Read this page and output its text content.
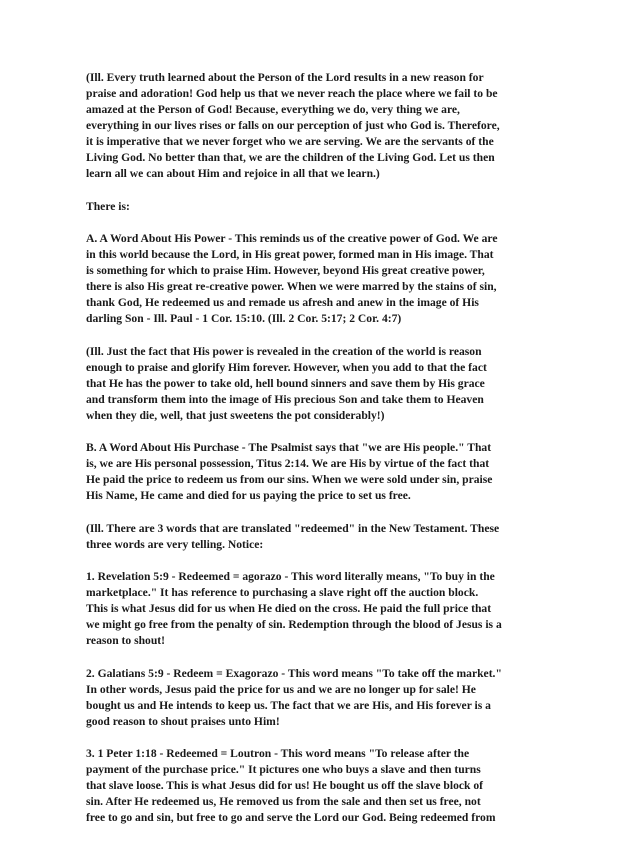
(Ill. Every truth learned about the Person of the Lord results in a new reason for
praise and adoration! God help us that we never reach the place where we fail to be
amazed at the Person of God! Because, everything we do, very thing we are,
everything in our lives rises or falls on our perception of just who God is. Therefore,
it is imperative that we never forget who we are serving. We are the servants of the
Living God. No better than that, we are the children of the Living God. Let us then
learn all we can about Him and rejoice in all that we learn.)
There is:
A. A Word About His Power - This reminds us of the creative power of God. We are
in this world because the Lord, in His great power, formed man in His image. That
is something for which to praise Him. However, beyond His great creative power,
there is also His great re-creative power. When we were marred by the stains of sin,
thank God, He redeemed us and remade us afresh and anew in the image of His
darling Son - Ill. Paul - 1 Cor. 15:10. (Ill. 2 Cor. 5:17; 2 Cor. 4:7)
(Ill. Just the fact that His power is revealed in the creation of the world is reason
enough to praise and glorify Him forever. However, when you add to that the fact
that He has the power to take old, hell bound sinners and save them by His grace
and transform them into the image of His precious Son and take them to Heaven
when they die, well, that just sweetens the pot considerably!)
B. A Word About His Purchase - The Psalmist says that "we are His people." That
is, we are His personal possession, Titus 2:14. We are His by virtue of the fact that
He paid the price to redeem us from our sins. When we were sold under sin, praise
His Name, He came and died for us paying the price to set us free.
(Ill. There are 3 words that are translated "redeemed" in the New Testament. These
three words are very telling. Notice:
1. Revelation 5:9 - Redeemed = agorazo - This word literally means, "To buy in the
marketplace." It has reference to purchasing a slave right off the auction block.
This is what Jesus did for us when He died on the cross. He paid the full price that
we might go free from the penalty of sin. Redemption through the blood of Jesus is a
reason to shout!
2. Galatians 5:9 - Redeem = Exagorazo - This word means "To take off the market."
In other words, Jesus paid the price for us and we are no longer up for sale! He
bought us and He intends to keep us. The fact that we are His, and His forever is a
good reason to shout praises unto Him!
3. 1 Peter 1:18 - Redeemed = Loutron - This word means "To release after the
payment of the purchase price." It pictures one who buys a slave and then turns
that slave loose. This is what Jesus did for us! He bought us off the slave block of
sin. After He redeemed us, He removed us from the sale and then set us free, not
free to go and sin, but free to go and serve the Lord our God. Being redeemed from
